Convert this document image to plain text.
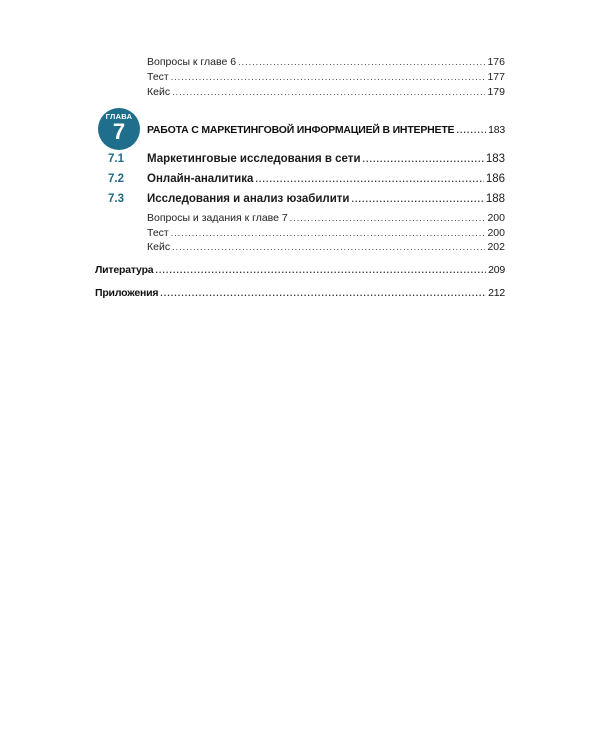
Вопросы к главе 6 .....	176
Тест .....	177
Кейс .....	179
ГЛАВА
7	РАБОТА С МАРКЕТИНГОВОЙ ИНФОРМАЦИЕЙ В ИНТЕРНЕТЕ .....	183
7.1 Маркетинговые исследования в сети .....	183
7.2 Онлайн-аналитика .....	186
7.3 Исследования и анализ юзабилити .....	188
Вопросы и задания к главе 7 .....	200
Тест .....	200
Кейс .....	202
Литература .....	209
Приложения .....	212
